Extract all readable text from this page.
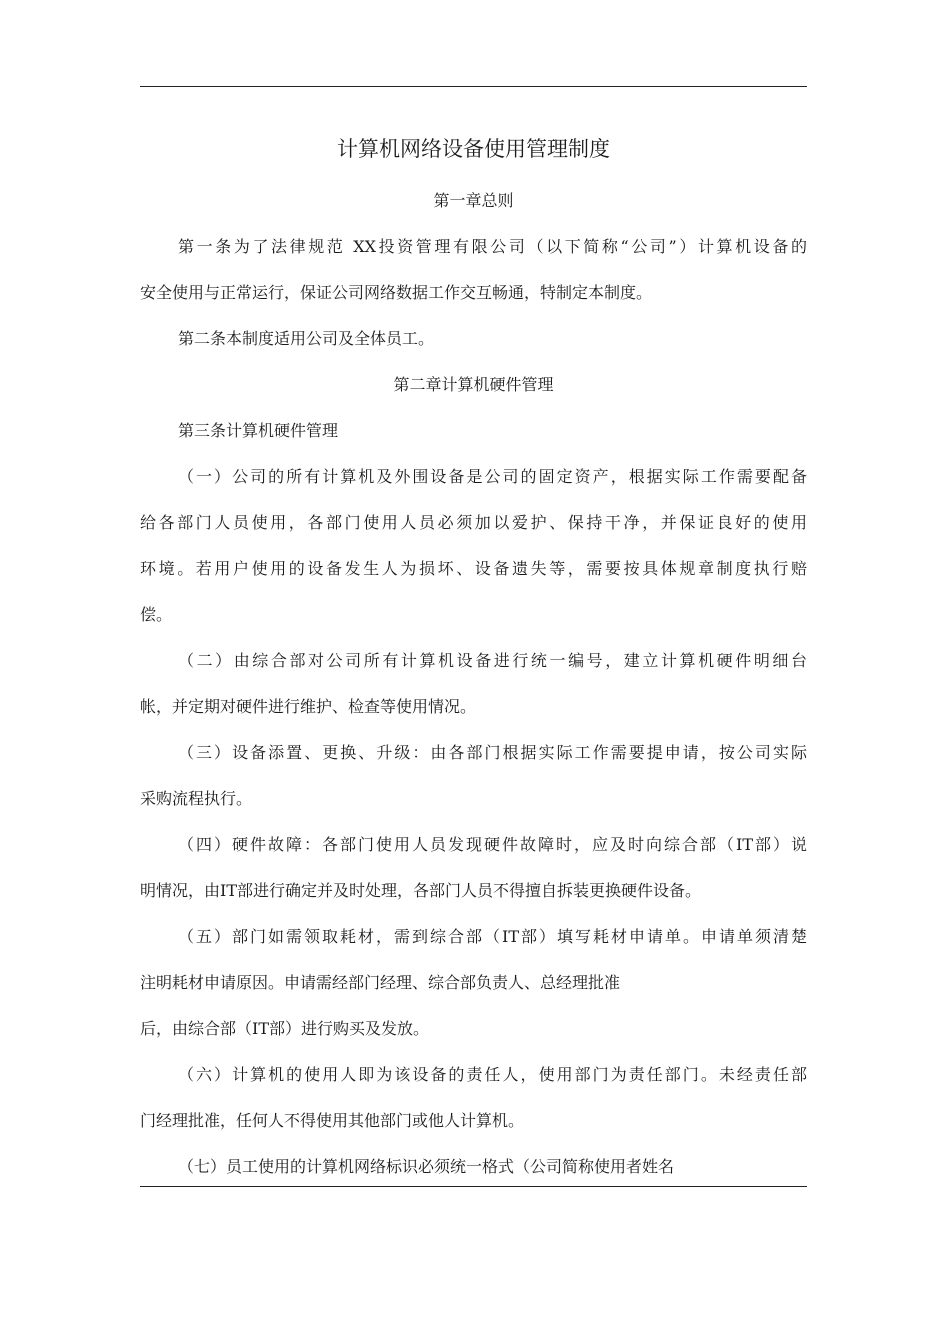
计算机网络设备使用管理制度
第一章总则
第一条为了法律规范 XX投资管理有限公司（以下简称“公司”）计算机设备的
安全使用与正常运行，保证公司网络数据工作交互畅通，特制定本制度。
第二条本制度适用公司及全体员工。
第二章计算机硬件管理
第三条计算机硬件管理
（一）公司的所有计算机及外围设备是公司的固定资产，根据实际工作需要配备
给各部门人员使用，各部门使用人员必须加以爱护、保持干净，并保证良好的使用
环境。若用户使用的设备发生人为损坏、设备遗失等，需要按具体规章制度执行赔
偿。
（二）由综合部对公司所有计算机设备进行统一编号，建立计算机硬件明细台
帐，并定期对硬件进行维护、检查等使用情况。
（三）设备添置、更换、升级：由各部门根据实际工作需要提申请，按公司实际
采购流程执行。
（四）硬件故障：各部门使用人员发现硬件故障时，应及时向综合部（IT部）说
明情况，由IT部进行确定并及时处理，各部门人员不得擅自拆装更换硬件设备。
（五）部门如需领取耗材，需到综合部（IT部）填写耗材申请单。申请单须清楚
注明耗材申请原因。申请需经部门经理、综合部负责人、总经理批准
后，由综合部（IT部）进行购买及发放。
（六）计算机的使用人即为该设备的责任人，使用部门为责任部门。未经责任部
门经理批准，任何人不得使用其他部门或他人计算机。
（七）员工使用的计算机网络标识必须统一格式（公司简称使用者姓名
